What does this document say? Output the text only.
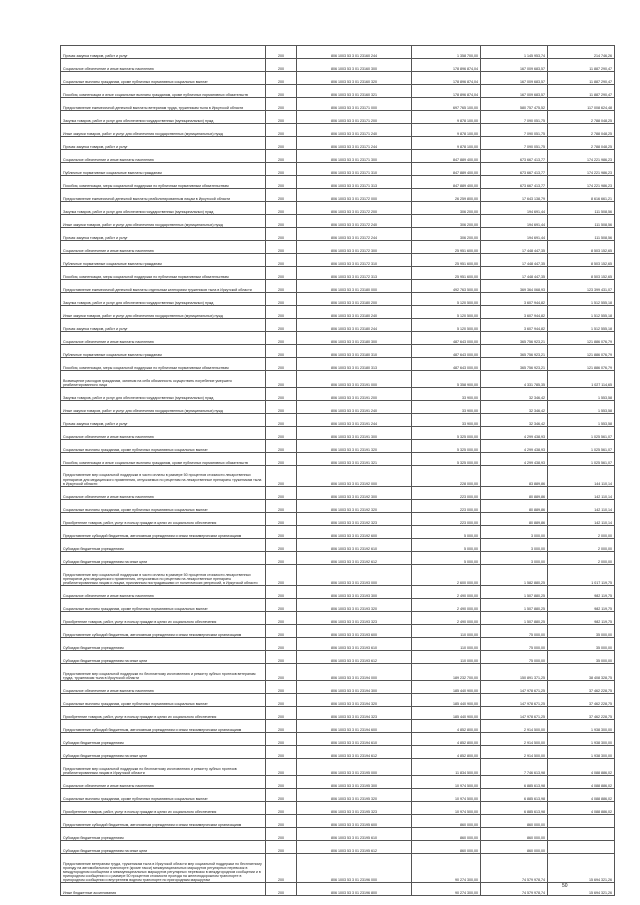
Прочая закупка товаров, работ и услуг	200	806 1003 53 3 01 23160 244	1 358 700,00	1 145 953,74	214 746,26
Социальное обеспечение и иные выплаты населению	200	806 1003 53 3 01 23160 300	178 896 874,04	167 009 683,57	11 887 290,47
Социальные выплаты гражданам, кроме публичных нормативных социальных выплат	200	806 1003 53 3 01 23160 320	178 896 874,04	167 009 683,57	11 887 290,47
Пособия, компенсации и иные социальные выплаты гражданам, кроме публичных нормативных обязательств	200	806 1003 53 3 01 23160 321	178 896 874,04	167 009 683,57	11 887 290,47
Предоставление ежемесячной денежной выплаты ветеранам труда, труженикам тыла в Иркутской области	200	806 1003 53 3 01 23171 000	697 765 100,00	580 757 475,52	117 008 624,48
Закупка товаров, работ и услуг для обеспечения государственных (муниципальных) нужд	200	806 1003 53 3 01 23171 200	9 878 100,00	7 090 051,75	2 788 048,25
Иные закупки товаров, работ и услуг для обеспечения государственных (муниципальных) нужд	200	806 1003 53 3 01 23171 240	9 878 100,00	7 090 051,75	2 788 048,25
Прочая закупка товаров, работ и услуг	200	806 1003 53 3 01 23171 244	9 878 100,00	7 090 051,75	2 788 048,25
Социальное обеспечение и иные выплаты населению	200	806 1003 53 3 01 23171 300	847 889 400,00	673 667 413,77	174 221 986,23
Публичные нормативные социальные выплаты гражданам	200	806 1003 53 3 01 23171 310	847 889 400,00	673 667 413,77	174 221 986,23
Пособия, компенсации, меры социальной поддержки по публичным нормативным обязательствам	200	806 1003 53 3 01 23171 313	847 889 400,00	673 667 413,77	174 221 986,23
Предоставление ежемесячной денежной выплаты реабилитированным лицам в Иркутской области	200	806 1003 53 3 01 23172 000	26 259 800,00	17 643 138,79	8 616 661,21
Закупка товаров, работ и услуг для обеспечения государственных (муниципальных) нужд	200	806 1003 53 3 01 23172 200	306 200,00	194 691,44	111 508,56
Иные закупки товаров, работ и услуг для обеспечения государственных (муниципальных) нужд	200	806 1003 53 3 01 23172 240	306 200,00	194 691,44	111 508,56
Прочая закупка товаров, работ и услуг	200	806 1003 53 3 01 23172 244	306 200,00	194 691,44	111 508,56
Социальное обеспечение и иные выплаты населению	200	806 1003 53 3 01 23172 300	25 951 600,00	17 448 447,35	8 503 152,65
Публичные нормативные социальные выплаты гражданам	200	806 1003 53 3 01 23172 310	25 951 600,00	17 448 447,35	8 503 152,65
Пособия, компенсации, меры социальной поддержки по публичным нормативным обязательствам	200	806 1003 53 3 01 23172 313	25 951 600,00	17 448 447,35	8 503 152,65
Предоставление ежемесячной денежной выплаты отдельным категориям тружеников тыла в Иркутской области	200	806 1003 53 3 01 23180 000	492 763 500,00	369 364 068,93	123 399 431,07
Закупка товаров, работ и услуг для обеспечения государственных (муниципальных) нужд	200	806 1003 53 3 01 23180 200	5 120 500,00	3 607 944,82	1 512 555,18
Иные закупки товаров, работ и услуг для обеспечения государственных (муниципальных) нужд	200	806 1003 53 3 01 23180 240	5 120 500,00	3 607 944,82	1 512 555,18
Прочая закупка товаров, работ и услуг	200	806 1003 53 3 01 23180 244	5 120 500,00	3 607 944,82	1 512 555,18
Социальное обеспечение и иные выплаты населению	200	806 1003 53 3 01 23180 300	487 643 000,00	365 756 923,21	121 886 076,79
Публичные нормативные социальные выплаты гражданам	200	806 1003 53 3 01 23180 310	487 643 000,00	365 756 923,21	121 886 076,79
Пособия, компенсации, меры социальной поддержки по публичным нормативным обязательствам	200	806 1003 53 3 01 23180 313	487 643 000,00	365 756 923,21	121 886 076,79
Возмещение расходов гражданам, занятым на себя обязанность осуществить погребение умершего реабилитированного лица	200	806 1003 53 3 01 23191 000	5 358 900,00	4 331 785,35	1 027 114,65
Закупка товаров, работ и услуг для обеспечения государственных (муниципальных) нужд	200	806 1003 53 3 01 23191 200	33 900,00	32 346,42	1 553,58
Иные закупки товаров, работ и услуг для обеспечения государственных (муниципальных) нужд	200	806 1003 53 3 01 23191 240	33 900,00	32 346,42	1 553,58
Прочая закупка товаров, работ и услуг	200	806 1003 53 3 01 23191 244	33 900,00	32 346,42	1 553,58
Социальное обеспечение и иные выплаты населению	200	806 1003 53 3 01 23191 300	5 325 000,00	4 299 438,93	1 025 561,07
Социальные выплаты гражданам, кроме публичных нормативных социальных выплат	200	806 1003 53 3 01 23191 320	5 325 000,00	4 299 438,93	1 025 561,07
Пособия, компенсации и иные социальные выплаты гражданам, кроме публичных нормативных обязательств	200	806 1003 53 3 01 23191 321	5 325 000,00	4 299 438,93	1 025 561,07
Предоставление мер социальной поддержки в части оплаты в размере 50 процентов стоимости лекарственных препаратов для медицинского применения, отпускаемых по рецептам на лекарственные препараты труженикам тыла в Иркутской области	200	806 1003 53 3 01 23192 000	228 000,00	83 889,86	144 110,14
Социальное обеспечение и иные выплаты населению	200	806 1003 53 3 01 23192 300	223 000,00	80 889,86	142 110,14
Социальные выплаты гражданам, кроме публичных нормативных социальных выплат	200	806 1003 53 3 01 23192 320	223 000,00	80 889,86	142 110,14
Приобретение товаров, работ, услуг в пользу граждан в целях их социального обеспечения	200	806 1003 53 3 01 23192 323	223 000,00	80 889,86	142 110,14
Предоставление субсидий бюджетным, автономным учреждениям и иным некоммерческим организациям	200	806 1003 53 3 01 23192 600	5 000,00	3 000,00	2 000,00
Субсидии бюджетным учреждениям	200	806 1003 53 3 01 23192 610	5 000,00	3 000,00	2 000,00
Субсидии бюджетным учреждениям на иные цели	200	806 1003 53 3 01 23192 612	5 000,00	3 000,00	2 000,00
Предоставление мер социальной поддержки в части оплаты в размере 50 процентов стоимости лекарственных препаратов для медицинского применения, отпускаемых по рецептам на лекарственные препараты реабилитированным лицам и лицам, признанным пострадавшими от политических репрессий, в Иркутской области	200	806 1003 53 3 01 23193 000	2 600 000,00	1 582 880,25	1 017 119,75
Социальное обеспечение и иные выплаты населению	200	806 1003 53 3 01 23193 300	2 490 000,00	1 507 880,25	982 119,75
Социальные выплаты гражданам, кроме публичных нормативных социальных выплат	200	806 1003 53 3 01 23193 320	2 490 000,00	1 507 880,25	982 119,75
Приобретение товаров, работ, услуг в пользу граждан в целях их социального обеспечения	200	806 1003 53 3 01 23193 323	2 490 000,00	1 507 880,25	982 119,75
Предоставление субсидий бюджетным, автономным учреждениям и иным некоммерческим организациям	200	806 1003 53 3 01 23193 600	110 000,00	75 000,00	35 000,00
Субсидии бюджетным учреждениям	200	806 1003 53 3 01 23193 610	110 000,00	75 000,00	35 000,00
Субсидии бюджетным учреждениям на иные цели	200	806 1003 53 3 01 23193 612	110 000,00	75 000,00	35 000,00
Предоставление мер социальной поддержки по бесплатному изготовлению и ремонту зубных протезов ветеранам труда, труженикам тыла в Иркутской области	200	806 1003 53 3 01 23194 000	189 232 700,00	150 891 371,25	38 408 328,75
Социальное обеспечение и иные выплаты населению	200	806 1003 53 3 01 23194 300	185 440 900,00	147 978 671,25	37 462 228,75
Социальные выплаты гражданам, кроме публичных нормативных социальных выплат	200	806 1003 53 3 01 23194 320	185 440 900,00	147 978 671,25	37 462 228,75
Приобретение товаров, работ, услуг в пользу граждан в целях их социального обеспечения	200	806 1003 53 3 01 23194 323	185 440 900,00	147 978 671,25	37 462 228,75
Предоставление субсидий бюджетным, автономным учреждениям и иным некоммерческим организациям	200	806 1003 53 3 01 23194 600	4 852 800,00	2 914 500,00	1 938 300,00
Субсидии бюджетным учреждениям	200	806 1003 53 3 01 23194 610	4 852 800,00	2 914 500,00	1 938 300,00
Субсидии бюджетным учреждениям на иные цели	200	806 1003 53 3 01 23194 612	4 852 800,00	2 914 500,00	1 938 300,00
Предоставление мер социальной поддержки по бесплатному изготовлению и ремонту зубных протезов реабилитированным лицам в Иркутской области	200	806 1003 53 3 01 23195 000	11 834 500,00	7 746 613,98	4 088 886,02
Социальное обеспечение и иные выплаты населению	200	806 1003 53 3 01 23195 300	10 974 500,00	6 885 613,98	4 088 886,02
Социальные выплаты гражданам, кроме публичных нормативных социальных выплат	200	806 1003 53 3 01 23195 320	10 974 500,00	6 885 613,98	4 088 886,02
Приобретение товаров, работ, услуг в пользу граждан в целях их социального обеспечения	200	806 1003 53 3 01 23195 323	10 974 500,00	6 885 613,98	4 088 886,02
Предоставление субсидий бюджетным, автономным учреждениям и иным некоммерческим организациям	200	806 1003 53 3 01 23195 600	860 000,00	860 000,00	
Субсидии бюджетным учреждениям	200	806 1003 53 3 01 23195 610	860 000,00	860 000,00	
Субсидии бюджетным учреждениям на иные цели	200	806 1003 53 3 01 23195 612	860 000,00	860 000,00	
Предоставление ветеранам труда, труженикам тыла в Иркутской области мер социальной поддержки по бесплатному проезду на автомобильном транспорте (кроме такси) межмуниципальных маршрутов регулярных перевозок в междугородном сообщении и межмуниципальных маршрутов регулярных перевозок в междугородном сообщении и в пригородном сообщении и о размере 50 процентов стоимости проезда на железнодорожном транспорте в пригородном сообщении и внутреннем водном транспорте по пригородным маршрутам	200	806 1003 53 3 01 23196 000	90 274 300,00	74 579 978,74	15 694 321,26
Иные бюджетные ассигнования	200	806 1003 53 3 01 23196 800	90 274 300,00	74 579 978,74	15 694 321,26
50
